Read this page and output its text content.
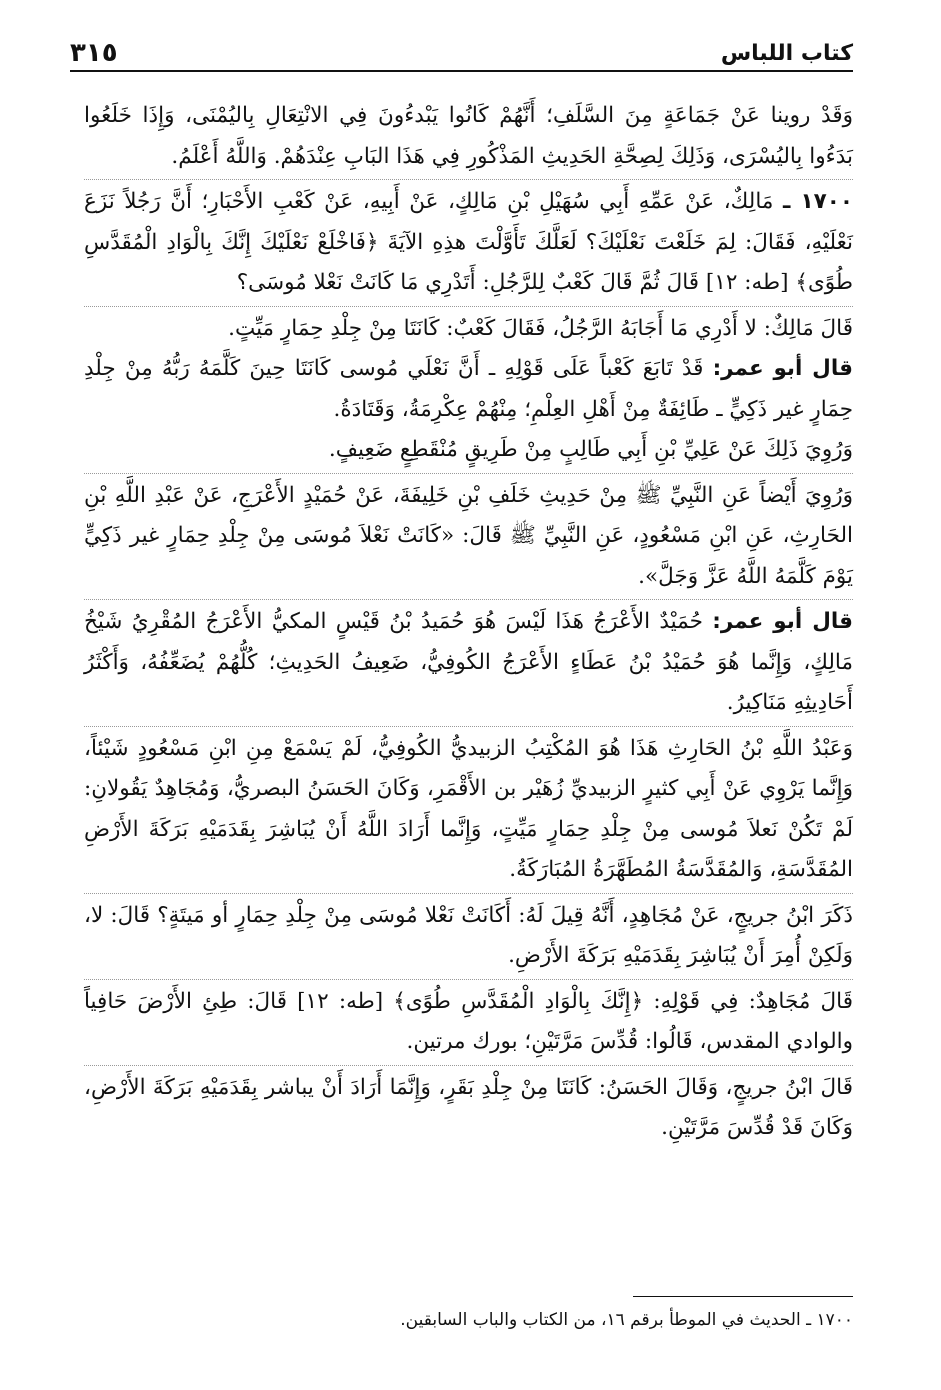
كتاب اللباس
٣١٥

وَقَدْ روينا عَنْ جَمَاعَةٍ مِنَ السَّلَفِ؛ أَنَّهُمْ كَانُوا يَبْدءُونَ فِي الانْتِعَالِ بِاليُمْنَى، وَإِذَا خَلَعُوا بَدَءُوا بِاليُسْرَى، وَذَلِكَ لِصِحَّةِ الحَدِيثِ المَذْكُورِ فِي هَذَا البَابِ عِنْدَهُمْ. وَاللَّهُ أَعْلَمُ.

١٧٠٠ ـ مَالِكٌ، عَنْ عَمِّهِ أَبِي سُهَيْلِ بْنِ مَالِكٍ، عَنْ أَبِيهِ، عَنْ كَعْبِ الأَحْبَارِ؛ أَنَّ رَجُلاً نَزَعَ نَعْلَيْهِ، فَقَالَ: لِمَ خَلَعْتَ نَعْلَيْكَ؟ لَعَلَّكَ تَأَوَّلْتَ هذِهِ الآيَةَ ﴿فَاخْلَعْ نَعْلَيْكَ إِنَّكَ بِالْوَادِ الْمُقَدَّسِ طُوًى﴾ [طه: ١٢] قَالَ ثُمَّ قَالَ كَعْبٌ لِلرَّجُلِ: أَتَدْرِي مَا كَانَتْ نَعْلا مُوسَى؟

قَالَ مَالِكٌ: لا أَدْرِي مَا أَجَابَهُ الرَّجُلُ، فَقَالَ كَعْبٌ: كَانَتَا مِنْ جِلْدِ حِمَارٍ مَيِّتٍ.

قال أبو عمر: قَدْ تَابَعَ كَعْباً عَلَى قَوْلِهِ ـ أَنَّ نَعْلَي مُوسى كَانَتَا حِينَ كَلَّمَهُ رَبُّهُ مِنْ جِلْدِ حِمَارٍ غير ذَكِيٍّ ـ طَائِفَةٌ مِنْ أَهْلِ العِلْمِ؛ مِنْهُمْ عِكْرِمَةُ، وَقَتَادَةُ.

وَرُوِيَ ذَلِكَ عَنْ عَلِيِّ بْنِ أَبِي طَالِبٍ مِنْ طَرِيقٍ مُنْقَطِعٍ ضَعِيفٍ.

وَرُوِيَ أَيْضاً عَنِ النَّبِيِّ ﷺ مِنْ حَدِيثِ خَلَفِ بْنِ خَلِيفَةَ، عَنْ حُمَيْدٍ الأَعْرَجِ، عَنْ عَبْدِ اللَّهِ بْنِ الحَارِثِ، عَنِ ابْنِ مَسْعُودٍ، عَنِ النَّبِيِّ ﷺ قَالَ: «كَانَتْ نَعْلاَ مُوسَى مِنْ جِلْدِ حِمَارٍ غير ذَكِيٍّ يَوْمَ كَلَّمَهُ اللَّهُ عَزَّ وَجَلَّ».

قال أبو عمر: حُمَيْدٌ الأَعْرَجُ هَذَا لَيْسَ هُوَ حُمَيدُ بْنُ قَيْسٍ المكيُّ الأَعْرَجُ المُقْرِيُ شَيْخُ مَالِكٍ، وَإِنَّما هُوَ حُمَيْدُ بْنُ عَطَاءٍ الأَعْرَجُ الكُوفِيُّ، ضَعِيفُ الحَدِيثِ؛ كُلُّهُمْ يُضَعِّفُهُ، وَأَكْثَرُ أَحَادِيثِهِ مَنَاكِيرُ.

وَعَبْدُ اللَّهِ بْنُ الحَارِثِ هَذَا هُوَ المُكْتِبُ الزبيديُّ الكُوفِيُّ، لَمْ يَسْمَعْ مِنِ ابْنِ مَسْعُودٍ شَيْئاً، وَإِنَّما يَرْوِي عَنْ أَبِي كثيرٍ الزبيديِّ زُهَيْر بن الأَقْمَرِ، وَكَانَ الحَسَنُ البصريُّ، وَمُجَاهِدٌ يَقُولانِ: لَمْ تَكُنْ نَعلاَ مُوسى مِنْ جِلْدِ حِمَارٍ مَيِّتٍ، وَإِنَّما أَرَادَ اللَّهُ أَنْ يُبَاشِرَ بِقَدَمَيْهِ بَرَكَةَ الأَرْضِ المُقَدَّسَةِ، وَالمُقَدَّسَةُ المُطَهَّرَةُ المُبَارَكَةُ.

ذَكَرَ ابْنُ جريجٍ، عَنْ مُجَاهِدٍ، أَنَّهُ قِيلَ لَهُ: أَكَانَتْ نَعْلا مُوسَى مِنْ جِلْدِ حِمَارٍ أو مَيتَةٍ؟ قَالَ: لا، وَلَكِنْ أُمِرَ أَنْ يُبَاشِرَ بِقَدَمَيْهِ بَرَكَةَ الأَرْضِ.

قَالَ مُجَاهِدٌ: فِي قَوْلِهِ: ﴿إِنَّكَ بِالْوَادِ الْمُقَدَّسِ طُوًى﴾ [طه: ١٢] قَالَ: طِئِ الأَرْضَ حَافِياً والوادي المقدس، قَالُوا: قُدِّسَ مَرَّتَيْنِ؛ بورك مرتين.

قَالَ ابْنُ جريجٍ، وَقَالَ الحَسَنُ: كَانَتَا مِنْ جِلْدِ بَقَرٍ، وَإِنَّمَا أَرَادَ أَنْ يباشر بِقَدَمَيْهِ بَرَكَةَ الأَرْضِ، وَكَانَ قَدْ قُدِّسَ مَرَّتَيْنِ.

١٧٠٠ ـ الحديث في الموطأ برقم ١٦، من الكتاب والباب السابقين.
